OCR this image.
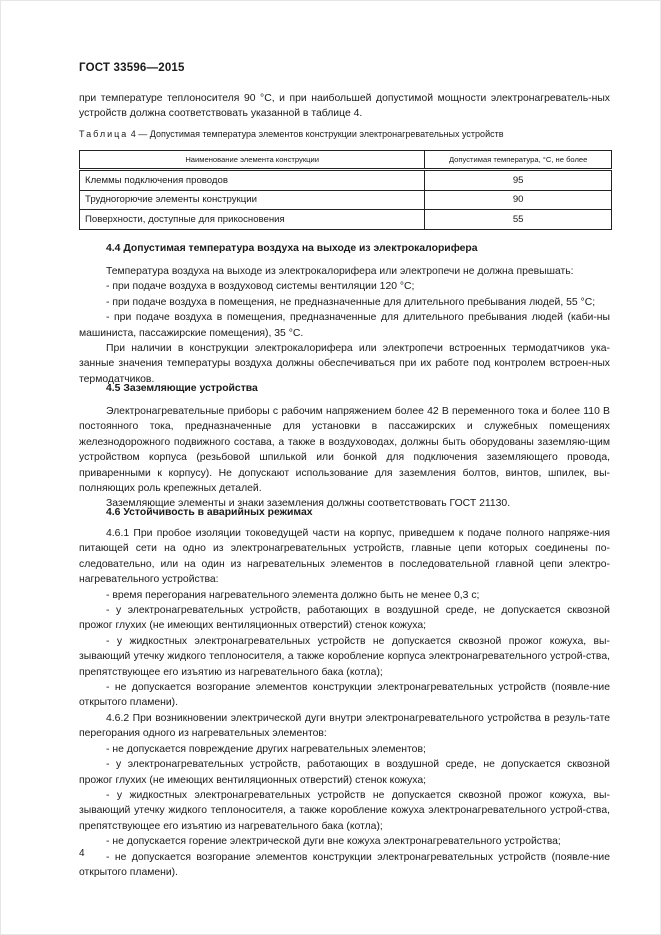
ГОСТ 33596—2015

при температуре теплоносителя 90 °С, и при наибольшей допустимой мощности электронагреватель-ных устройств должна соответствовать указанной в таблице 4.

Таблица 4 — Допустимая температура элементов конструкции электронагревательных устройств
Наименование элемента конструкции	Допустимая температура, °С, не более
Клеммы подключения проводов	95
Трудногорючие элементы конструкции	90
Поверхности, доступные для прикосновения	55
4.4 Допустимая температура воздуха на выходе из электрокалорифера

Температура воздуха на выходе из электрокалорифера или электропечи не должна превышать:

- при подаче воздуха в воздуховод системы вентиляции 120 °С;

- при подаче воздуха в помещения, не предназначенные для длительного пребывания людей, 55 °С;

- при подаче воздуха в помещения, предназначенные для длительного пребывания людей (каби-ны машиниста, пассажирские помещения), 35 °С.

При наличии в конструкции электрокалорифера или электропечи встроенных термодатчиков ука-занные значения температуры воздуха должны обеспечиваться при их работе под контролем встроен-ных термодатчиков.

4.5 Заземляющие устройства

Электронагревательные приборы с рабочим напряжением более 42 В переменного тока и более 110 В постоянного тока, предназначенные для установки в пассажирских и служебных помещениях железнодорожного подвижного состава, а также в воздуховодах, должны быть оборудованы заземляю-щим устройством корпуса (резьбовой шпилькой или бонкой для подключения заземляющего провода, приваренными к корпусу). Не допускают использование для заземления болтов, винтов, шпилек, вы-полняющих роль крепежных деталей.

Заземляющие элементы и знаки заземления должны соответствовать ГОСТ 21130.

4.6 Устойчивость в аварийных режимах

4.6.1 При пробое изоляции токоведущей части на корпус, приведшем к подаче полного напряже-ния питающей сети на одно из электронагревательных устройств, главные цепи которых соединены по-следовательно, или на один из нагревательных элементов в последовательной главной цепи электро-нагревательного устройства:

- время перегорания нагревательного элемента должно быть не менее 0,3 с;

- у электронагревательных устройств, работающих в воздушной среде, не допускается сквозной прожог глухих (не имеющих вентиляционных отверстий) стенок кожуха;

- у жидкостных электронагревательных устройств не допускается сквозной прожог кожуха, вы-зывающий утечку жидкого теплоносителя, а также коробление корпуса электронагревательного устрой-ства, препятствующее его изъятию из нагревательного бака (котла);

- не допускается возгорание элементов конструкции электронагревательных устройств (появле-ние открытого пламени).

4.6.2 При возникновении электрической дуги внутри электронагревательного устройства в резуль-тате перегорания одного из нагревательных элементов:

- не допускается повреждение других нагревательных элементов;

- у электронагревательных устройств, работающих в воздушной среде, не допускается сквозной прожог глухих (не имеющих вентиляционных отверстий) стенок кожуха;

- у жидкостных электронагревательных устройств не допускается сквозной прожог кожуха, вы-зывающий утечку жидкого теплоносителя, а также коробление кожуха электронагревательного устрой-ства, препятствующее его изъятию из нагревательного бака (котла);

- не допускается горение электрической дуги вне кожуха электронагревательного устройства;

- не допускается возгорание элементов конструкции электронагревательных устройств (появле-ние открытого пламени).

4
